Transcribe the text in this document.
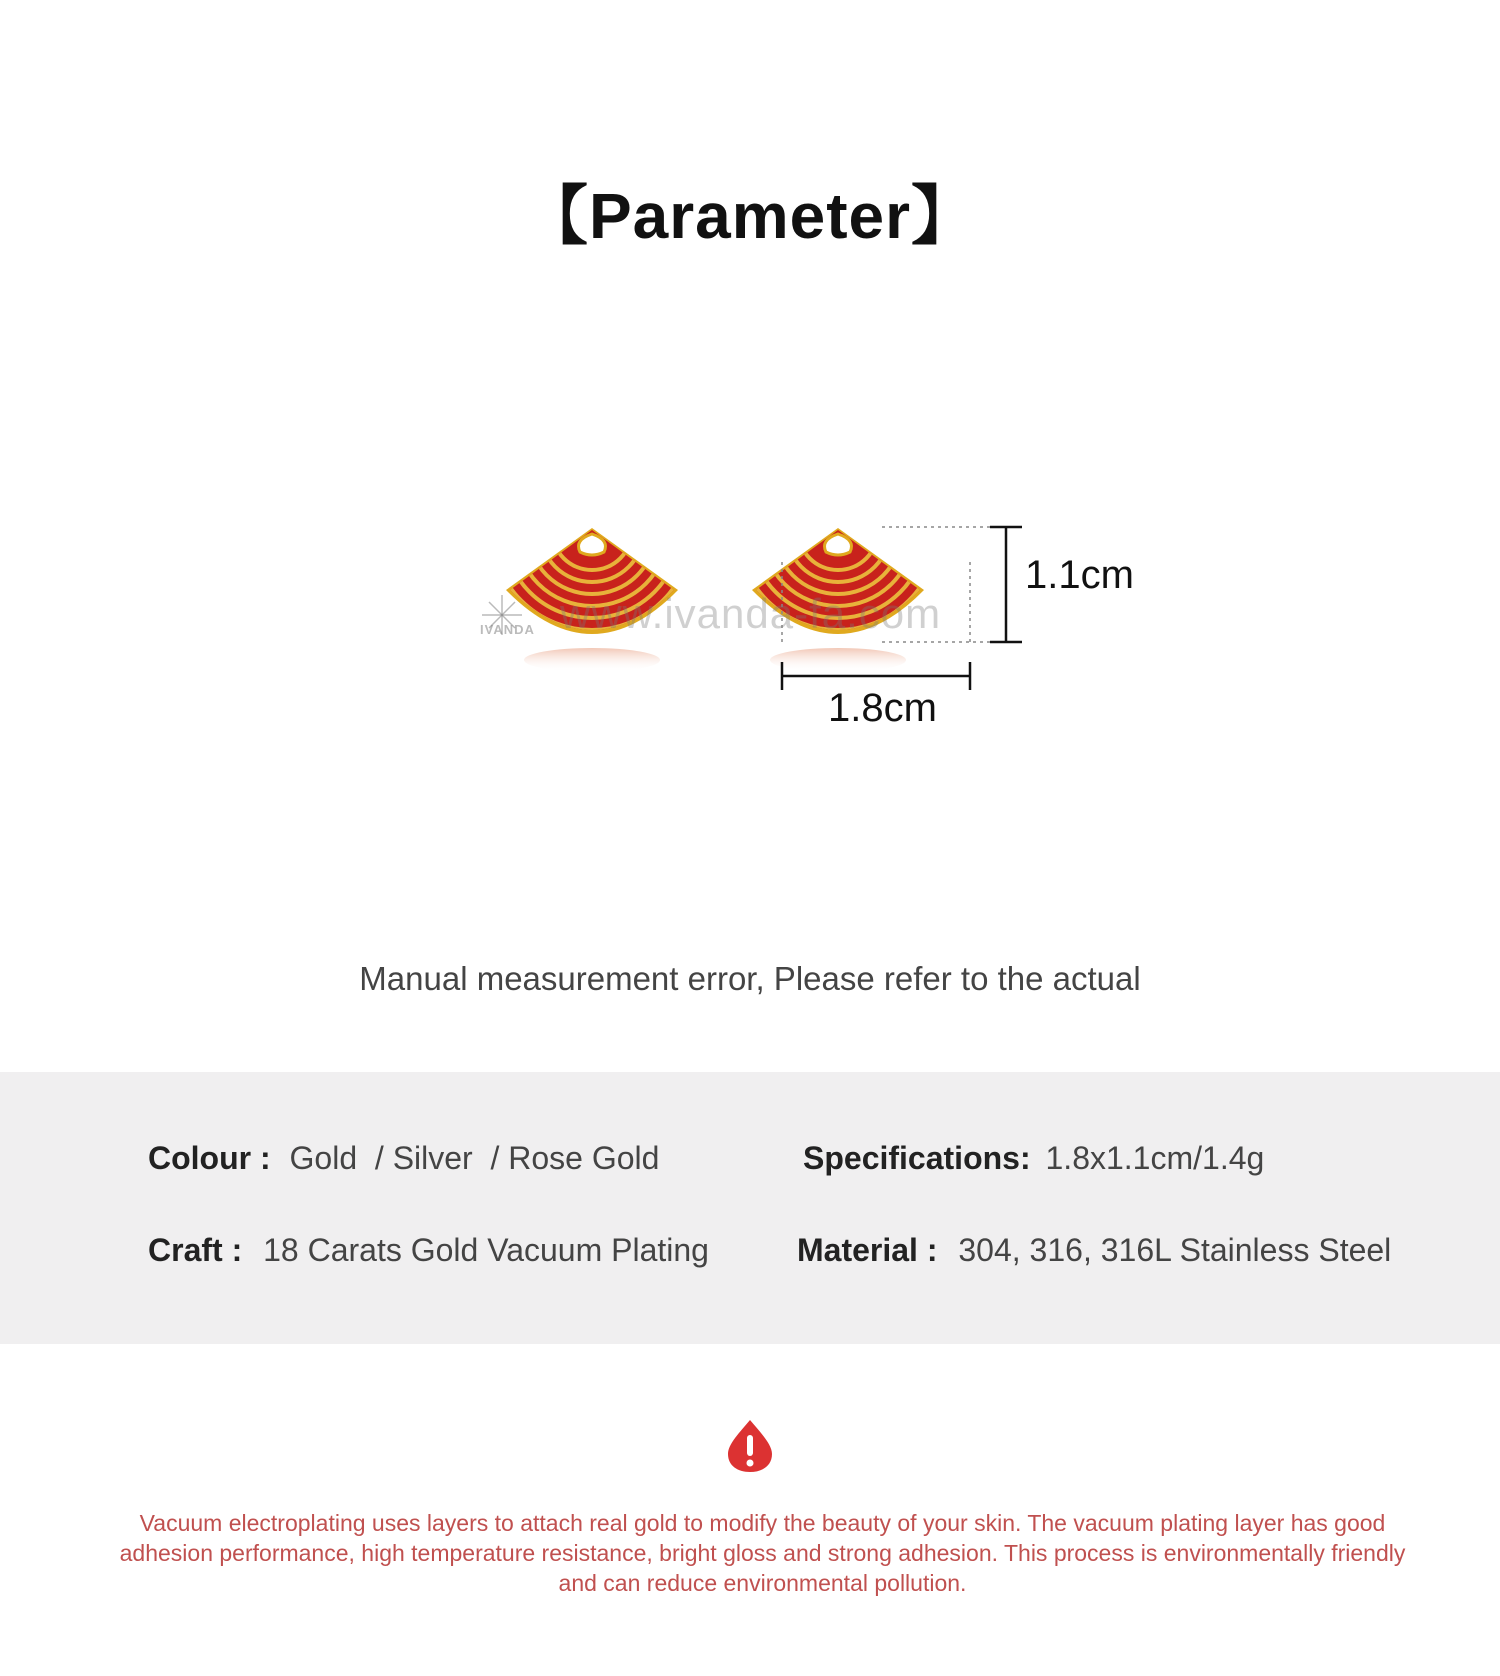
【Parameter】
www.ivanda-fa.com
IVANDA
1.1cm
1.8cm
Manual measurement error, Please refer to the actual
Colour : Gold  / Silver  / Rose Gold	Specifications: 1.8x1.1cm/1.4g
Craft : 18 Carats Gold Vacuum Plating	Material : 304, 316, 316L Stainless Steel
Vacuum electroplating uses layers to attach real gold to modify the beauty of your skin. The vacuum plating layer has good adhesion performance, high temperature resistance, bright gloss and strong adhesion. This process is environmentally friendly and can reduce environmental pollution.
